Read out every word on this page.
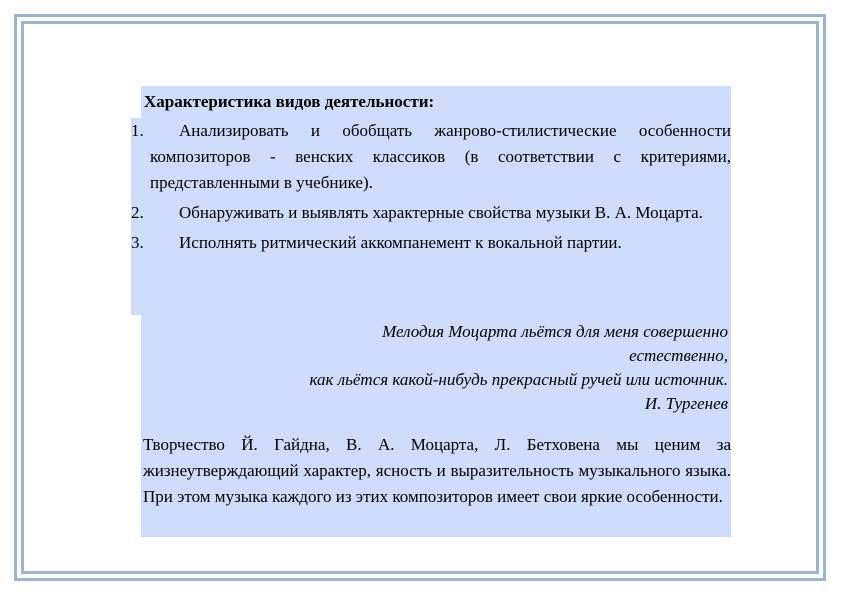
Характеристика видов деятельности:
1.	Анализировать и обобщать жанрово-стилистические особенности композиторов - венских классиков (в соответствии с критериями, представленными в учебнике).
2.	Обнаруживать и выявлять характерные свойства музыки В. А. Моцарта.
3.	Исполнять ритмический аккомпанемент к вокальной партии.

Мелодия Моцарта льётся для меня совершенно

естественно,

как льётся какой-нибудь прекрасный ручей или источник.

И. Тургенев

Творчество Й. Гайдна, В. А. Моцарта, Л. Бетховена мы ценим за жизнеутверждающий характер, ясность и выразительность музыкального языка. При этом музыка каждого из этих композиторов имеет свои яркие особенности.
